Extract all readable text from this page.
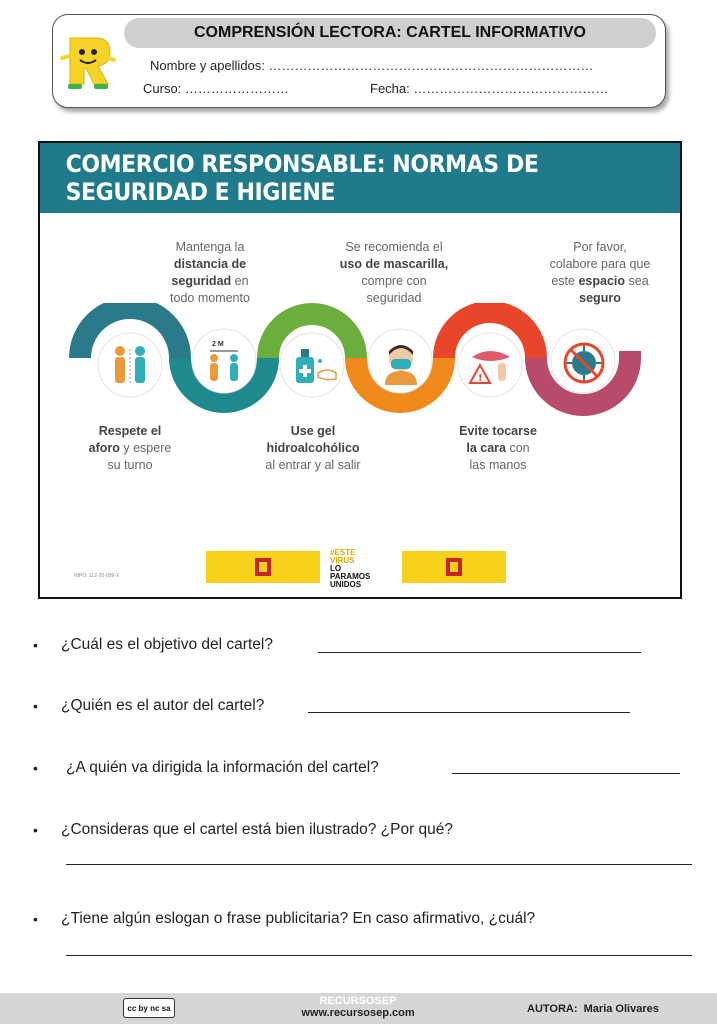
COMPRENSIÓN LECTORA: CARTEL INFORMATIVO
Nombre y apellidos: …………………………………………………………………
Curso: ……………………	Fecha: ………………………………………
COMERCIO RESPONSABLE: NORMAS DE SEGURIDAD E HIGIENE
Mantenga la
distancia de
seguridad en
todo momento
Se recomienda el
uso de mascarilla,
compre con
seguridad
Por favor,
colabore para que
este espacio sea
seguro
2 M
!
Respete el
aforo y espere
su turno
Use gel
hidroalcohólico
al entrar y al salir
Evite tocarse
la cara con
las manos
NIPO: 112-20-009-X
#ESTE
VIRUS
LO
PARAMOS
UNIDOS
• ¿Cuál es el objetivo del cartel?
• ¿Quién es el autor del cartel?
• ¿A quién va dirigida la información del cartel?
• ¿Consideras que el cartel está bien ilustrado? ¿Por qué?
• ¿Tiene algún eslogan o frase publicitaria? En caso afirmativo, ¿cuál?
cc by nc sa
RECURSOSEP
www.recursosep.com	AUTORA: Maria Olivares
